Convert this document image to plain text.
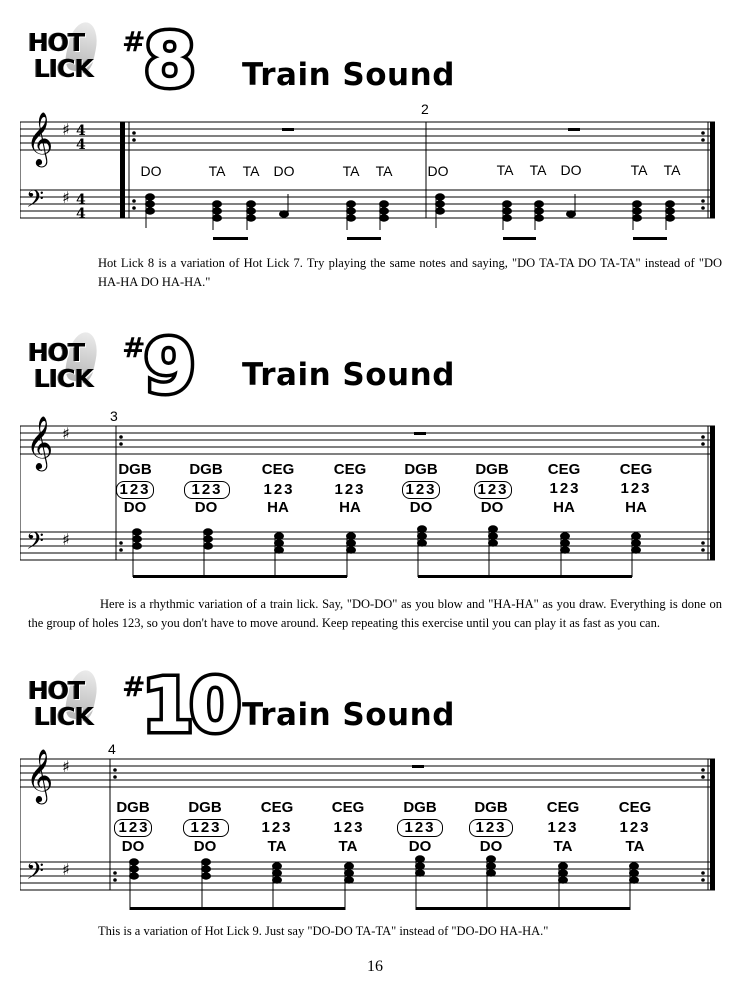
HOT
LICK
#
8 Train Sound
2
𝄞
𝄢
♯
♯
4
4
4
4
DO	TA TA DO	TA TA	DO	TA TA DO	TA TA
Hot Lick 8 is a variation of Hot Lick 7. Try playing the same notes and saying, "DO TA-TA DO TA-TA" instead of "DO HA-HA DO HA-HA."
HOT
LICK
#
9 Train Sound
3
𝄞
𝄢
♯
♯
DGB	DGB	CEG	CEG	DGB	DGB	CEG	CEG
123	123	123	123	123	123	123	123
DO	DO	HA	HA	DO	DO	HA	HA
Here is a rhythmic variation of a train lick. Say, "DO-DO" as you blow and "HA-HA" as you draw. Everything is done on the group of holes 123, so you don't have to move around. Keep repeating this exercise until you can play it as fast as you can.
HOT
LICK
#
10 Train Sound
4
𝄞
𝄢
♯
♯
DGB	DGB	CEG	CEG	DGB	DGB	CEG	CEG
123	123	123	123	123	123	123	123
DO	DO	TA	TA	DO	DO	TA	TA
This is a variation of Hot Lick 9. Just say "DO-DO TA-TA" instead of "DO-DO HA-HA."
16
